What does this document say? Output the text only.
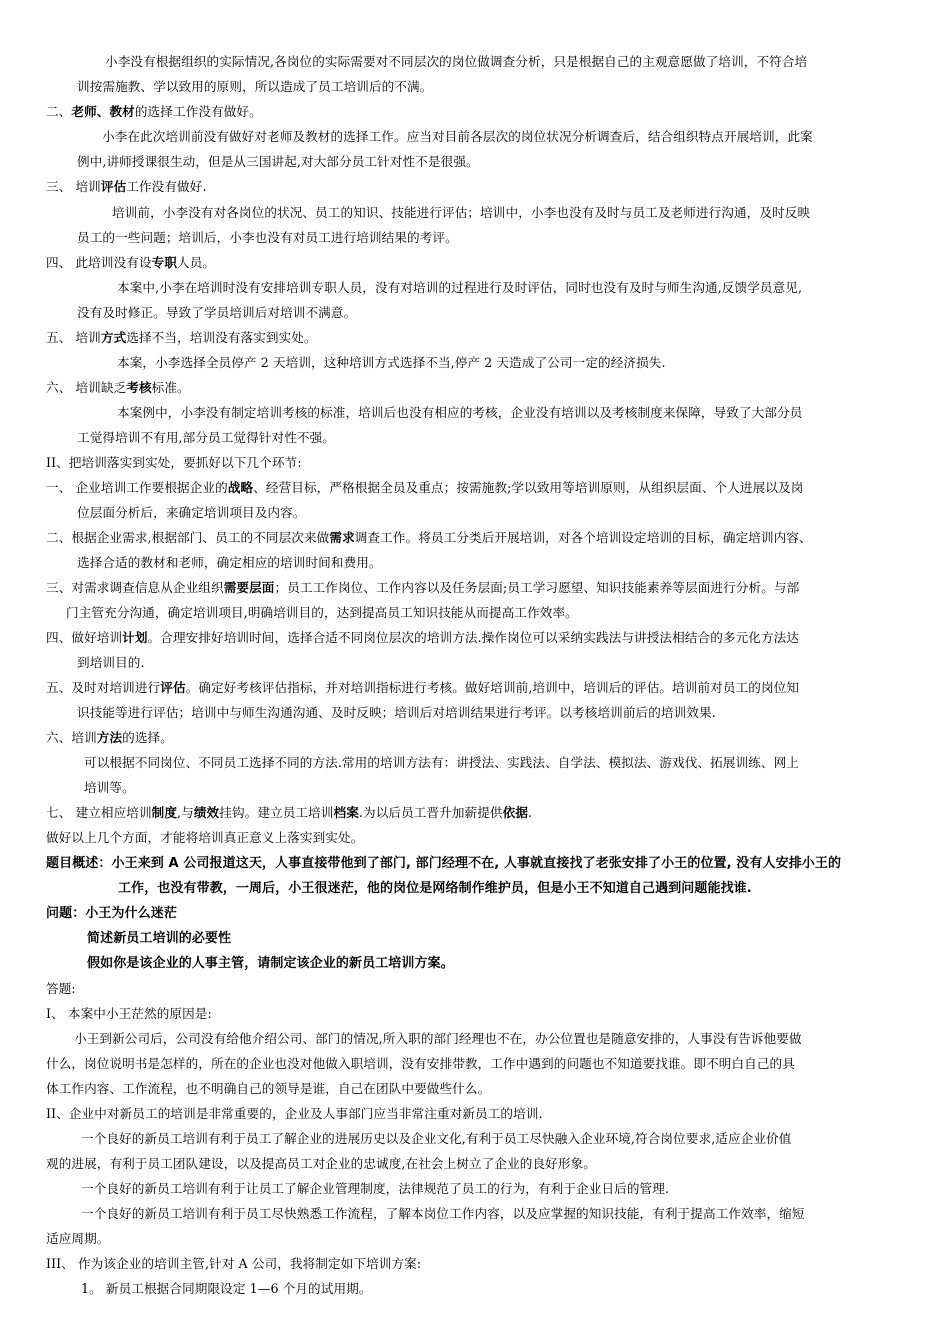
小李没有根据组织的实际情况,各岗位的实际需要对不同层次的岗位做调查分析，只是根据自己的主观意愿做了培训，不符合培
训按需施教、学以致用的原则，所以造成了员工培训后的不满。
二、老师、教材的选择工作没有做好。
小李在此次培训前没有做好对老师及教材的选择工作。应当对目前各层次的岗位状况分析调查后，结合组织特点开展培训，此案
例中,讲师授课很生动，但是从三国讲起,对大部分员工针对性不是很强。
三、 培训评估工作没有做好.
培训前，小李没有对各岗位的状况、员工的知识、技能进行评估；培训中，小李也没有及时与员工及老师进行沟通，及时反映
员工的一些问题；培训后，小李也没有对员工进行培训结果的考评。
四、 此培训没有设专职人员。
本案中,小李在培训时没有安排培训专职人员，没有对培训的过程进行及时评估，同时也没有及时与师生沟通,反馈学员意见,
没有及时修正。导致了学员培训后对培训不满意。
五、 培训方式选择不当，培训没有落实到实处。
本案，小李选择全员停产 2 天培训，这种培训方式选择不当,停产 2 天造成了公司一定的经济损失.
六、 培训缺乏考核标准。
本案例中，小李没有制定培训考核的标准，培训后也没有相应的考核，企业没有培训以及考核制度来保障，导致了大部分员
工觉得培训不有用,部分员工觉得针对性不强。
II、把培训落实到实处，要抓好以下几个环节:
一、 企业培训工作要根据企业的战略、经营目标，严格根据全员及重点；按需施教;学以致用等培训原则，从组织层面、个人进展以及岗
位层面分析后，来确定培训项目及内容。
二、根据企业需求,根据部门、员工的不同层次来做需求调查工作。将员工分类后开展培训，对各个培训设定培训的目标，确定培训内容、
选择合适的教材和老师，确定相应的培训时间和费用。
三、对需求调查信息从企业组织需要层面；员工工作岗位、工作内容以及任务层面;员工学习愿望、知识技能素养等层面进行分析。与部
门主管充分沟通，确定培训项目,明确培训目的，达到提高员工知识技能从而提高工作效率。
四、做好培训计划。合理安排好培训时间，选择合适不同岗位层次的培训方法.操作岗位可以采纳实践法与讲授法相结合的多元化方法达
到培训目的.
五、及时对培训进行评估。确定好考核评估指标，并对培训指标进行考核。做好培训前,培训中，培训后的评估。培训前对员工的岗位知
识技能等进行评估；培训中与师生沟通沟通、及时反映；培训后对培训结果进行考评。以考核培训前后的培训效果.
六、培训方法的选择。
可以根据不同岗位、不同员工选择不同的方法.常用的培训方法有：讲授法、实践法、自学法、模拟法、游戏伐、拓展训练、网上
培训等。
七、 建立相应培训制度,与绩效挂钩。建立员工培训档案.为以后员工晋升加薪提供依据.
做好以上几个方面，才能将培训真正意义上落实到实处。
题目概述：小王来到 A 公司报道这天，人事直接带他到了部门, 部门经理不在, 人事就直接找了老张安排了小王的位置, 没有人安排小王的
工作，也没有带教，一周后，小王很迷茫，他的岗位是网络制作维护员，但是小王不知道自己遇到问题能找谁.
问题：小王为什么迷茫
简述新员工培训的必要性
假如你是该企业的人事主管，请制定该企业的新员工培训方案。
答题:
I、 本案中小王茫然的原因是:
小王到新公司后，公司没有给他介绍公司、部门的情况,所入职的部门经理也不在，办公位置也是随意安排的，人事没有告诉他要做
什么，岗位说明书是怎样的，所在的企业也没对他做入职培训，没有安排带教，工作中遇到的问题也不知道要找谁。即不明白自己的具
体工作内容、工作流程，也不明确自己的领导是谁，自己在团队中要做些什么。
II、企业中对新员工的培训是非常重要的，企业及人事部门应当非常注重对新员工的培训.
一个良好的新员工培训有利于员工了解企业的进展历史以及企业文化,有利于员工尽快融入企业环境,符合岗位要求,适应企业价值
观的进展，有利于员工团队建设，以及提高员工对企业的忠诚度,在社会上树立了企业的良好形象。
一个良好的新员工培训有利于让员工了解企业管理制度，法律规范了员工的行为，有利于企业日后的管理.
一个良好的新员工培训有利于员工尽快熟悉工作流程，了解本岗位工作内容，以及应掌握的知识技能，有利于提高工作效率，缩短
适应周期。
III、 作为该企业的培训主管,针对 A 公司，我将制定如下培训方案:
1。 新员工根据合同期限设定 1—6 个月的试用期。
